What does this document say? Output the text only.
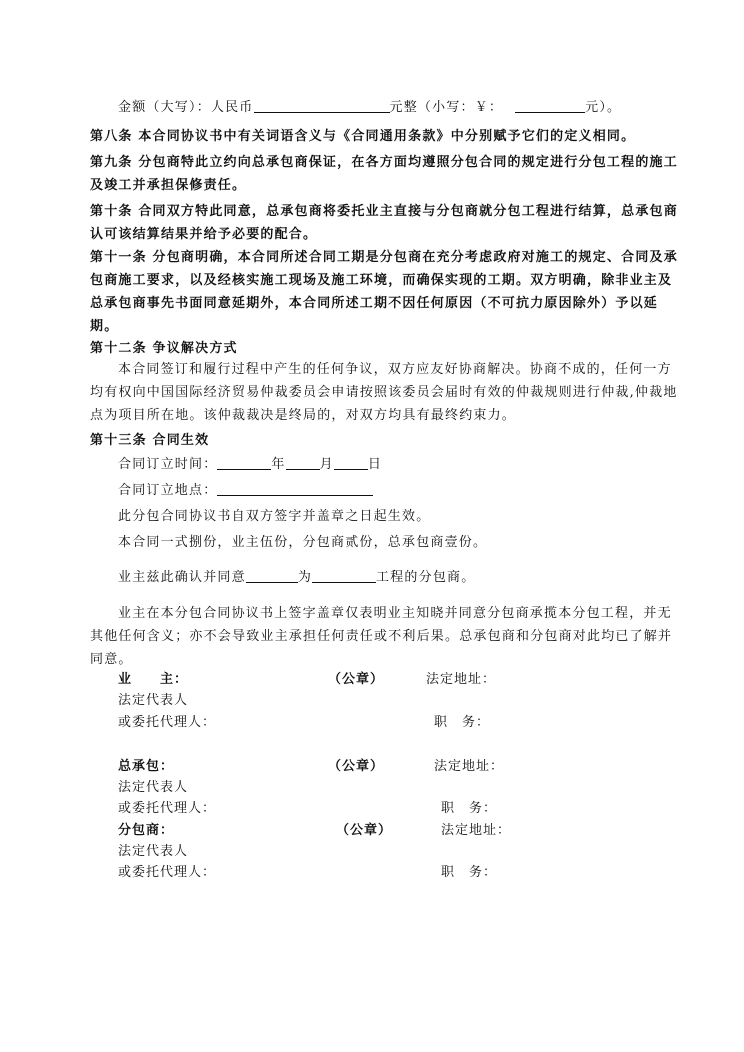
金额（大写）：人民币	元整（小写：￥：	元）。

第八条 本合同协议书中有关词语含义与《合同通用条款》中分别赋予它们的定义相同。

第九条 分包商特此立约向总承包商保证，在各方面均遵照分包合同的规定进行分包工程的施工及竣工并承担保修责任。

第十条 合同双方特此同意，总承包商将委托业主直接与分包商就分包工程进行结算，总承包商认可该结算结果并给予必要的配合。

第十一条 分包商明确，本合同所述合同工期是分包商在充分考虑政府对施工的规定、合同及承包商施工要求，以及经核实施工现场及施工环境，而确保实现的工期。双方明确，除非业主及总承包商事先书面同意延期外，本合同所述工期不因任何原因（不可抗力原因除外）予以延期。

第十二条 争议解决方式

本合同签订和履行过程中产生的任何争议，双方应友好协商解决。协商不成的，任何一方均有权向中国国际经济贸易仲裁委员会申请按照该委员会届时有效的仲裁规则进行仲裁,仲裁地点为项目所在地。该仲裁裁决是终局的，对双方均具有最终约束力。

第十三条 合同生效

合同订立时间：	年	月	日
合同订立地点：
此分包合同协议书自双方签字并盖章之日起生效。
本合同一式捌份，业主伍份，分包商贰份，总承包商壹份。
业主兹此确认并同意	为	工程的分包商。

业主在本分包合同协议书上签字盖章仅表明业主知晓并同意分包商承揽本分包工程，并无其他任何含义；亦不会导致业主承担任何责任或不利后果。总承包商和分包商对此均已了解并同意。

业　　主：	（公章）	法定地址：
法定代表人
或委托代理人：	职　务：
总承包：	（公章）	法定地址：
法定代表人
或委托代理人：	职　务：
分包商：	（公章）	法定地址：
法定代表人
或委托代理人：	职　务：
